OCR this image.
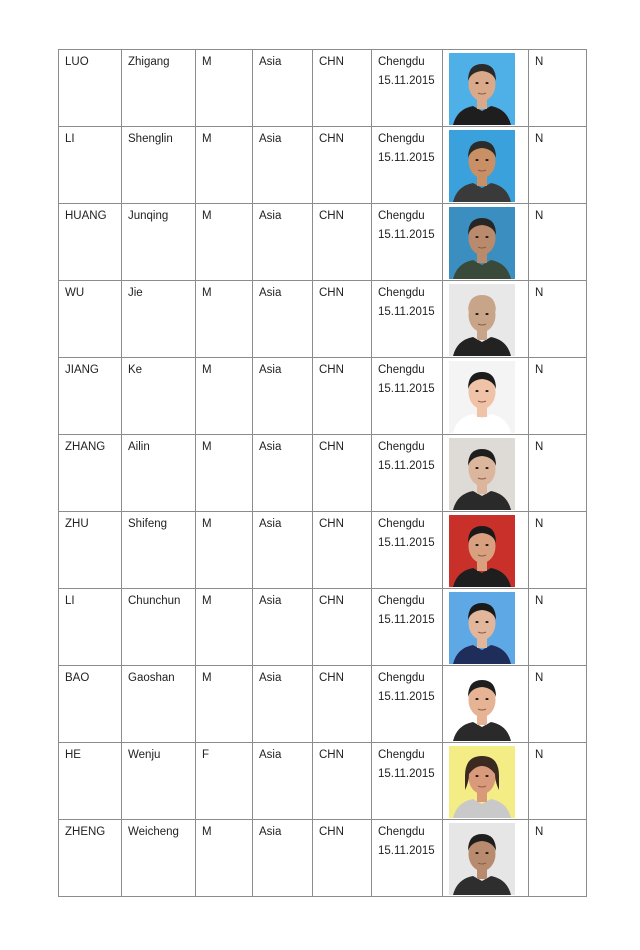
LUO	Zhigang	M	Asia	CHN	Chengdu
15.11.2015		N

LI	Shenglin	M	Asia	CHN	Chengdu
15.11.2015		N

HUANG	Junqing	M	Asia	CHN	Chengdu
15.11.2015		N

WU	Jie	M	Asia	CHN	Chengdu
15.11.2015		N

JIANG	Ke	M	Asia	CHN	Chengdu
15.11.2015		N

ZHANG	Ailin	M	Asia	CHN	Chengdu
15.11.2015		N

ZHU	Shifeng	M	Asia	CHN	Chengdu
15.11.2015		N

LI	Chunchun	M	Asia	CHN	Chengdu
15.11.2015		N

BAO	Gaoshan	M	Asia	CHN	Chengdu
15.11.2015		N

HE	Wenju	F	Asia	CHN	Chengdu
15.11.2015		N

ZHENG	Weicheng	M	Asia	CHN	Chengdu
15.11.2015		N
